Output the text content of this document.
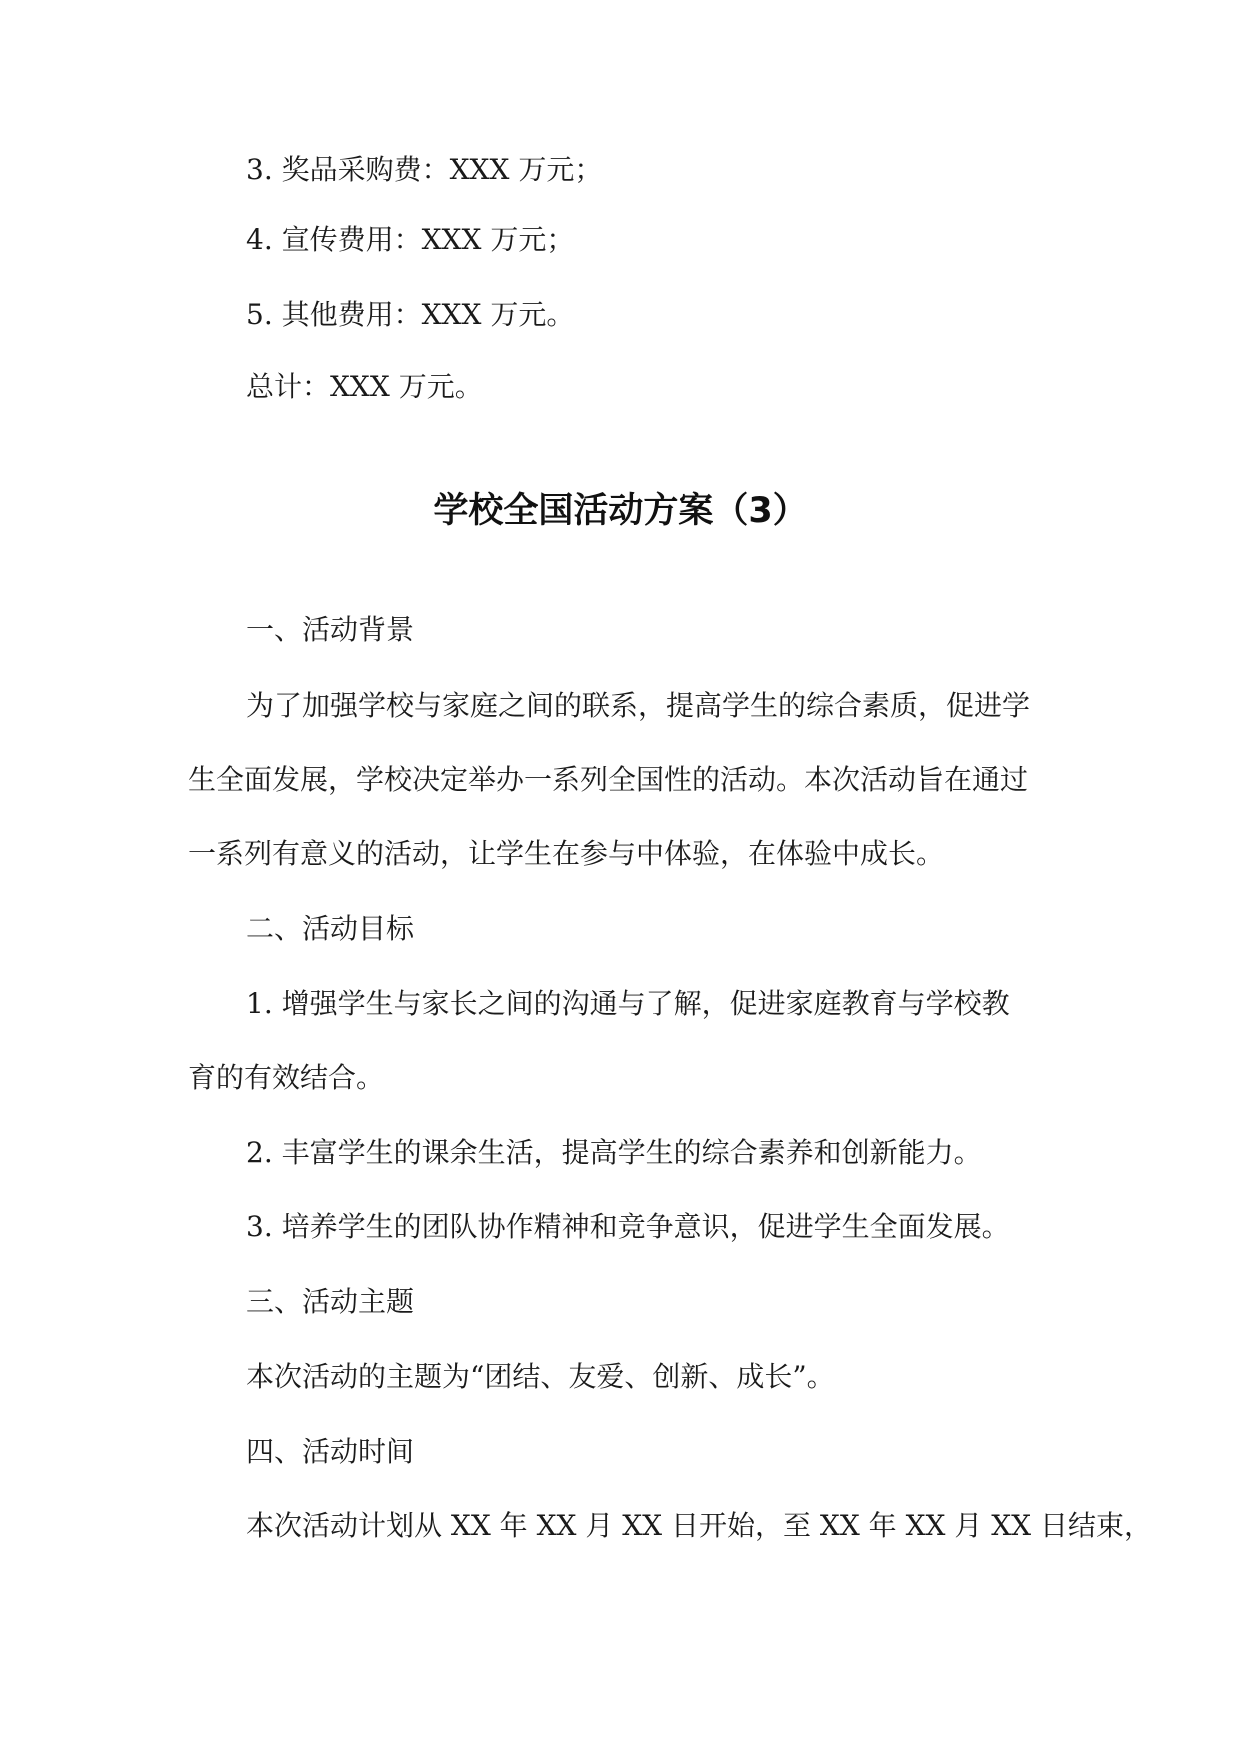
3. 奖品采购费：XXX 万元；

4. 宣传费用：XXX 万元；

5. 其他费用：XXX 万元。

总计：XXX 万元。

学校全国活动方案（3）

一、活动背景

为了加强学校与家庭之间的联系，提高学生的综合素质，促进学

生全面发展，学校决定举办一系列全国性的活动。本次活动旨在通过

一系列有意义的活动，让学生在参与中体验，在体验中成长。

二、活动目标

1. 增强学生与家长之间的沟通与了解，促进家庭教育与学校教

育的有效结合。

2. 丰富学生的课余生活，提高学生的综合素养和创新能力。

3. 培养学生的团队协作精神和竞争意识，促进学生全面发展。

三、活动主题

本次活动的主题为“团结、友爱、创新、成长”。

四、活动时间

本次活动计划从 XX 年 XX 月 XX 日开始，至 XX 年 XX 月 XX 日结束，
